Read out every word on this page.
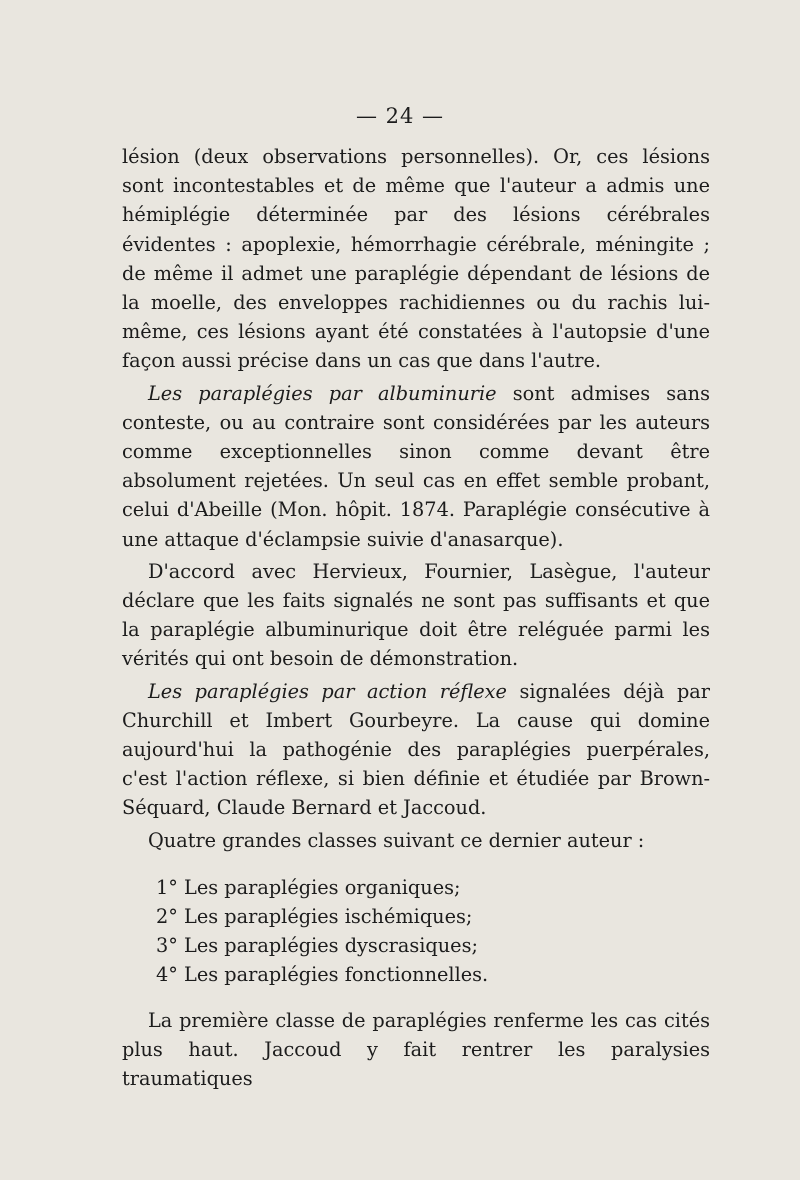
— 24 —

lésion (deux observations personnelles). Or, ces lésions sont incontestables et de même que l'auteur a admis une hémiplégie déterminée par des lésions cérébrales évidentes : apoplexie, hémorrhagie cérébrale, méningite ; de même il admet une paraplégie dépendant de lésions de la moelle, des enveloppes rachidiennes ou du rachis lui-même, ces lésions ayant été constatées à l'autopsie d'une façon aussi précise dans un cas que dans l'autre.

Les paraplégies par albuminurie sont admises sans conteste, ou au contraire sont considérées par les auteurs comme exceptionnelles sinon comme devant être absolument rejetées. Un seul cas en effet semble probant, celui d'Abeille (Mon. hôpit. 1874. Paraplégie consécutive à une attaque d'éclampsie suivie d'anasarque).

D'accord avec Hervieux, Fournier, Lasègue, l'auteur déclare que les faits signalés ne sont pas suffisants et que la paraplégie albuminurique doit être reléguée parmi les vérités qui ont besoin de démonstration.

Les paraplégies par action réflexe signalées déjà par Churchill et Imbert Gourbeyre. La cause qui domine aujourd'hui la pathogénie des paraplégies puerpérales, c'est l'action réflexe, si bien définie et étudiée par Brown-Séquard, Claude Bernard et Jaccoud.

Quatre grandes classes suivant ce dernier auteur :

1° Les paraplégies organiques;
2° Les paraplégies ischémiques;
3° Les paraplégies dyscrasiques;
4° Les paraplégies fonctionnelles.

La première classe de paraplégies renferme les cas cités plus haut. Jaccoud y fait rentrer les paralysies traumatiques
